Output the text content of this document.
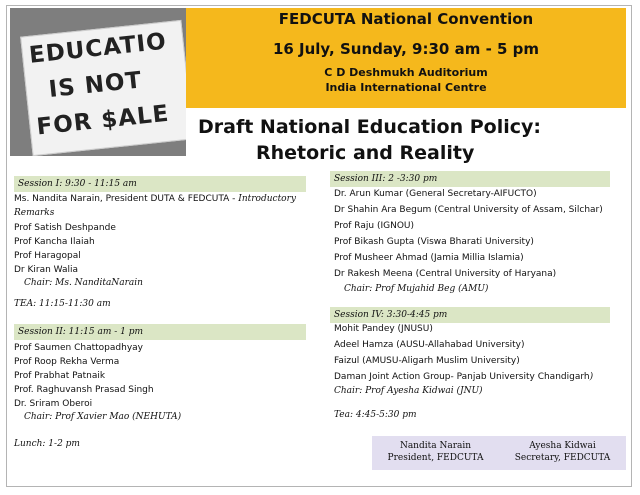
EDUCATIO
IS NOT
FOR $ALE
FEDCUTA National Convention
16 July, Sunday, 9:30 am - 5 pm
C D Deshmukh Auditorium
India International Centre
Draft National Education Policy:
Rhetoric and Reality
Session I: 9:30 - 11:15 am
Ms. Nandita Narain, President DUTA & FEDCUTA - Introductory
Remarks
Prof Satish Deshpande
Prof Kancha Ilaiah
Prof Haragopal
Dr Kiran Walia
Chair: Ms. NanditaNarain
TEA: 11:15-11:30 am
Session II: 11:15 am - 1 pm
Prof Saumen Chattopadhyay
Prof Roop Rekha Verma
Prof Prabhat Patnaik
Prof. Raghuvansh Prasad Singh
Dr. Sriram Oberoi
Chair: Prof Xavier Mao (NEHUTA)
Lunch: 1-2 pm
Session III: 2 -3:30 pm
Dr. Arun Kumar (General Secretary-AIFUCTO)
Dr Shahin Ara Begum (Central University of Assam, Silchar)
Prof Raju (IGNOU)
Prof Bikash Gupta (Viswa Bharati University)
Prof Musheer Ahmad (Jamia Millia Islamia)
Dr Rakesh Meena (Central University of Haryana)
Chair: Prof Mujahid Beg (AMU)
Session IV: 3:30-4:45 pm
Mohit Pandey (JNUSU)
Adeel Hamza (AUSU-Allahabad University)
Faizul (AMUSU-Aligarh Muslim University)
Daman Joint Action Group- Panjab University Chandigarh)
Chair: Prof Ayesha Kidwai (JNU)
Tea: 4:45-5:30 pm
Nandita Narain
President, FEDCUTA
Ayesha Kidwai
Secretary, FEDCUTA
